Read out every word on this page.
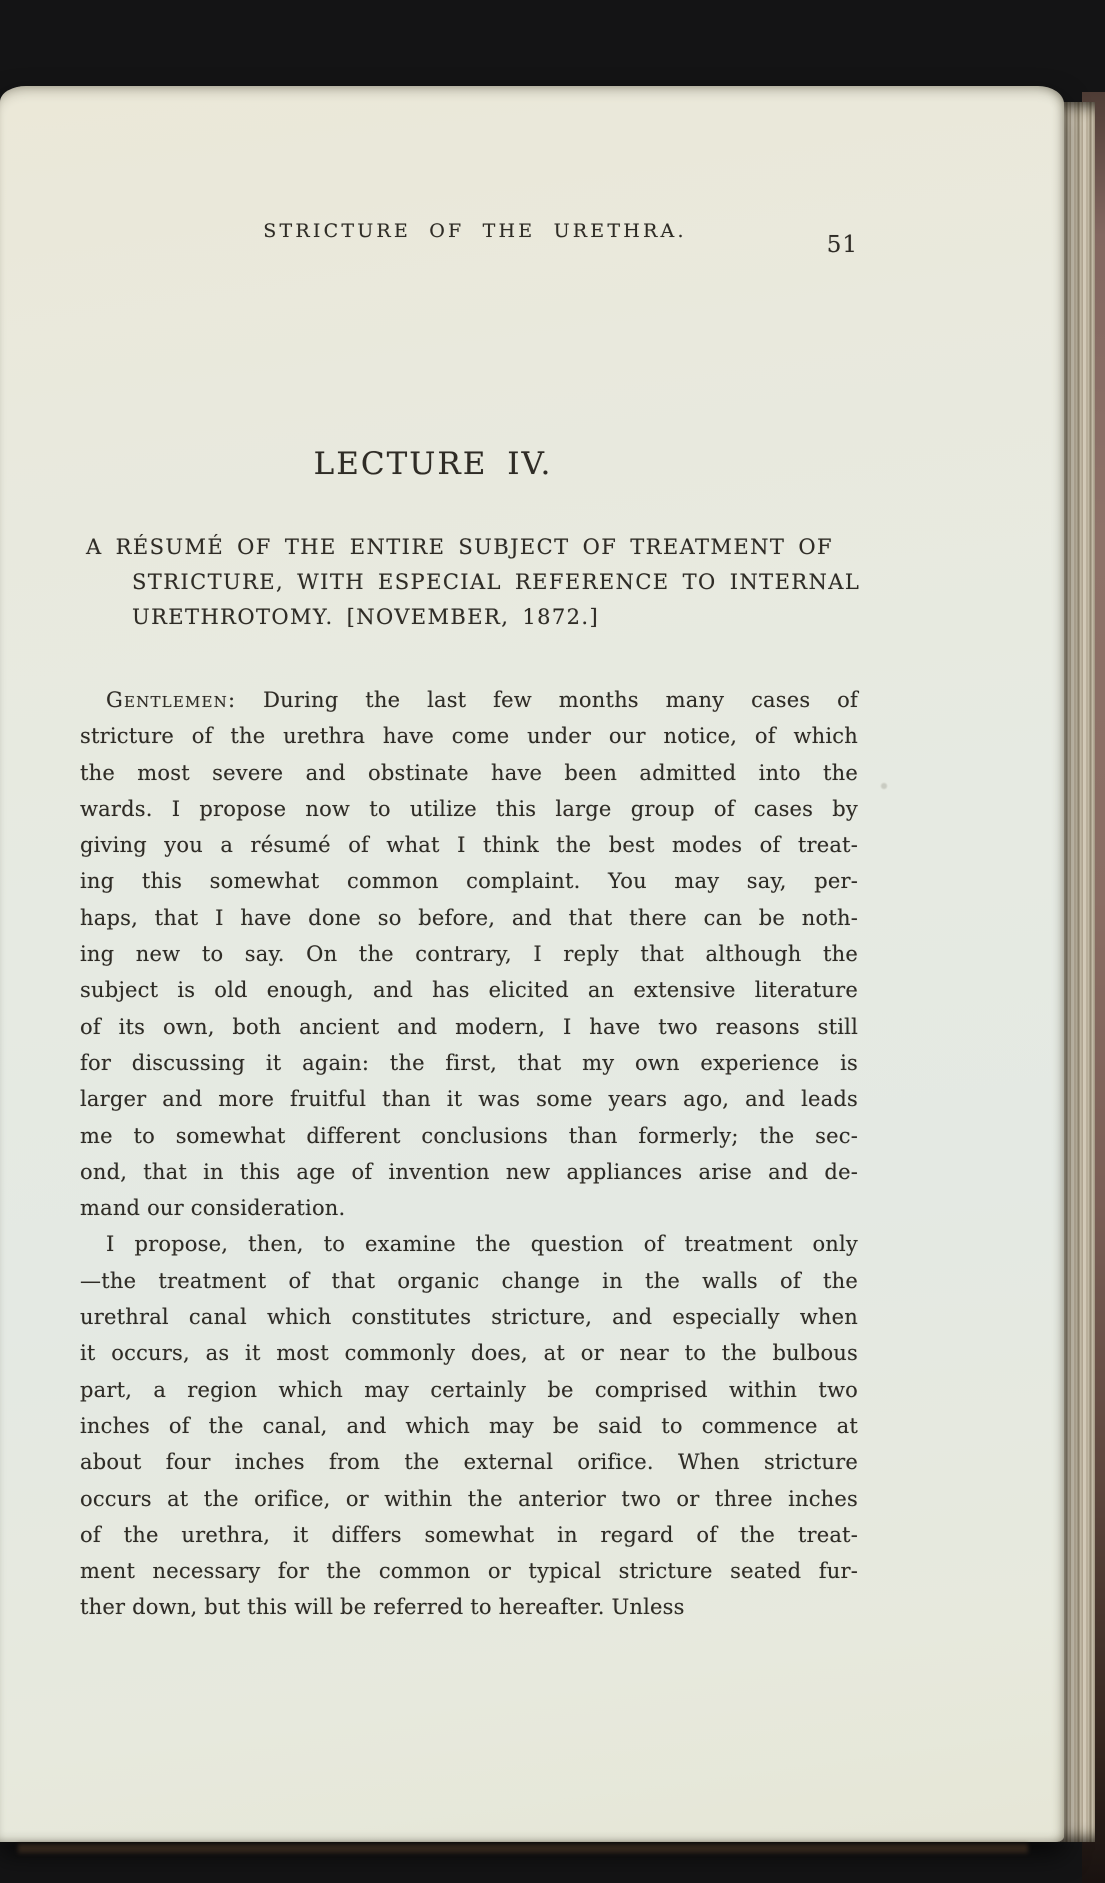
STRICTURE OF THE URETHRA.
51
LECTURE IV.
A RÉSUMÉ OF THE ENTIRE SUBJECT OF TREATMENT OF
STRICTURE, WITH ESPECIAL REFERENCE TO INTERNAL
URETHROTOMY. [NOVEMBER, 1872.]
Gentlemen: During the last few months many cases of
stricture of the urethra have come under our notice, of which
the most severe and obstinate have been admitted into the
wards. I propose now to utilize this large group of cases by
giving you a résumé of what I think the best modes of treat-
ing this somewhat common complaint. You may say, per-
haps, that I have done so before, and that there can be noth-
ing new to say. On the contrary, I reply that although the
subject is old enough, and has elicited an extensive literature
of its own, both ancient and modern, I have two reasons still
for discussing it again: the first, that my own experience is
larger and more fruitful than it was some years ago, and leads
me to somewhat different conclusions than formerly; the sec-
ond, that in this age of invention new appliances arise and de-
mand our consideration.
I propose, then, to examine the question of treatment only
—the treatment of that organic change in the walls of the
urethral canal which constitutes stricture, and especially when
it occurs, as it most commonly does, at or near to the bulbous
part, a region which may certainly be comprised within two
inches of the canal, and which may be said to commence at
about four inches from the external orifice. When stricture
occurs at the orifice, or within the anterior two or three inches
of the urethra, it differs somewhat in regard of the treat-
ment necessary for the common or typical stricture seated fur-
ther down, but this will be referred to hereafter. Unless
